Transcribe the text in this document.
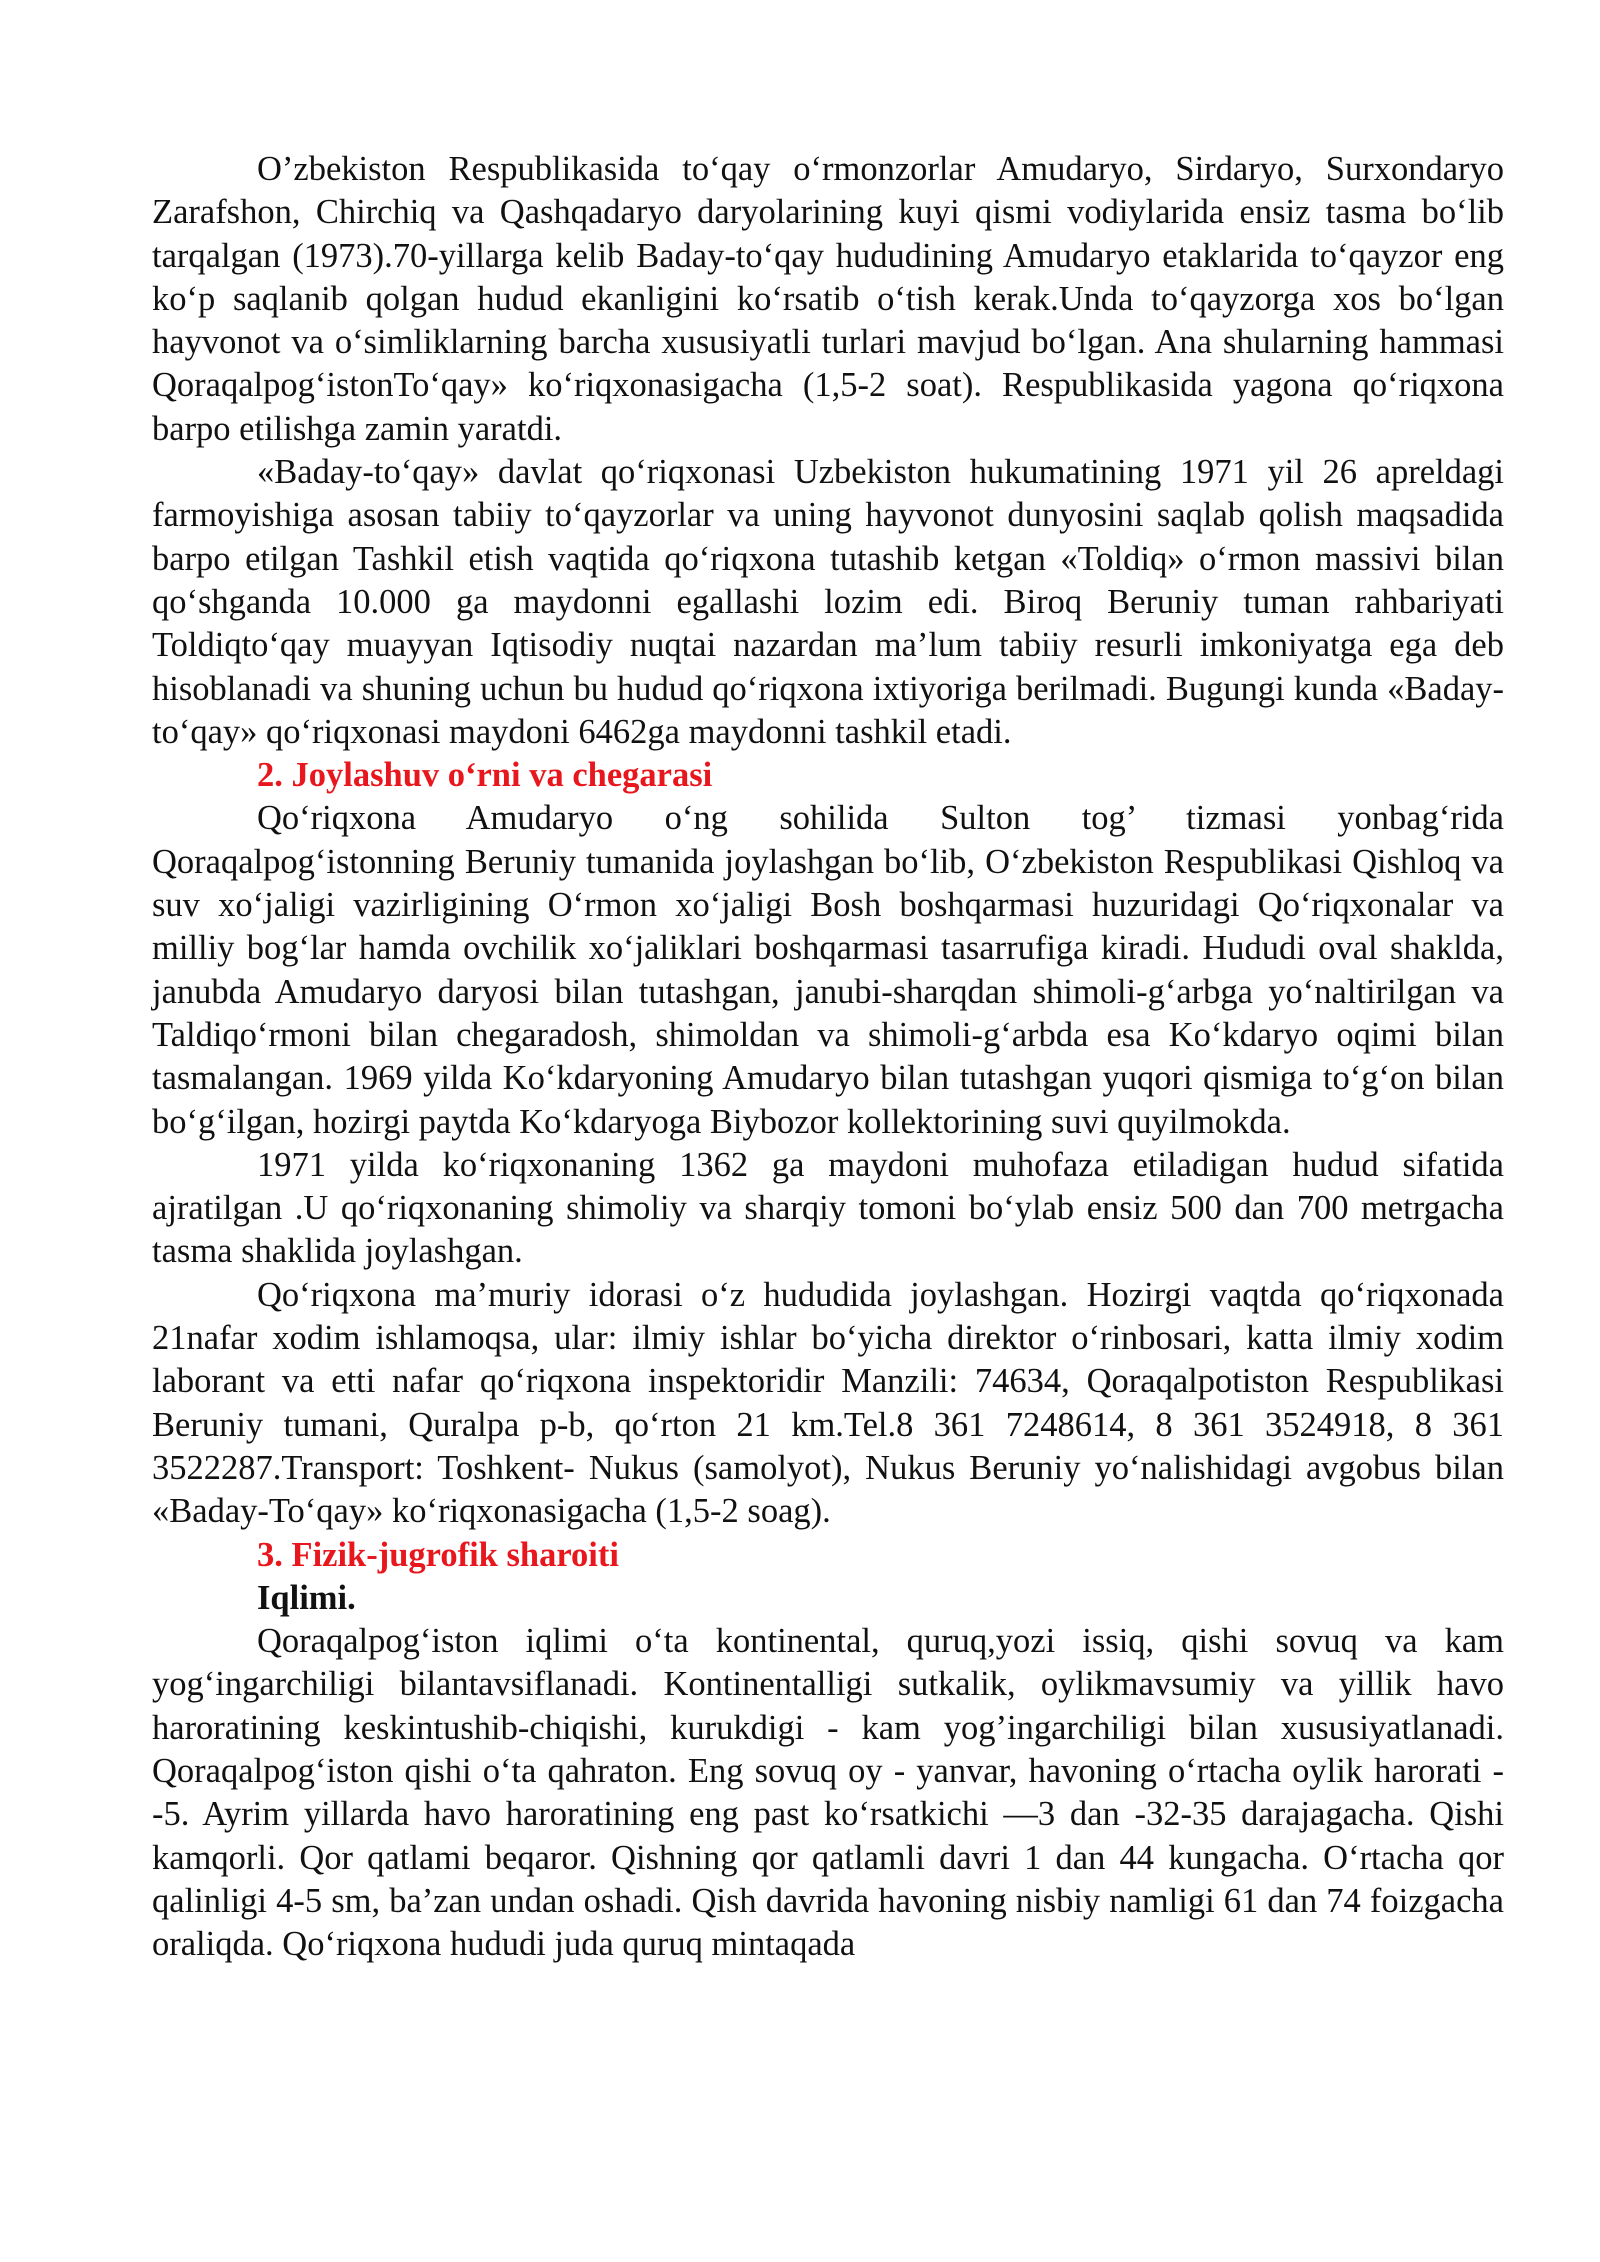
O’zbekiston Respublikasida to‘qay o‘rmonzorlar Amudaryo, Sirdaryo, Surxondaryo Zarafshon, Chirchiq va Qashqadaryo daryolarining kuyi qismi vodiylarida ensiz tasma bo‘lib tarqalgan (1973).70-yillarga kelib Baday-to‘qay hududining Amudaryo etaklarida to‘qayzor eng ko‘p saqlanib qolgan hudud ekanligini ko‘rsatib o‘tish kerak.Unda to‘qayzorga xos bo‘lgan hayvonot va o‘simliklarning barcha xususiyatli turlari mavjud bo‘lgan. Ana shularning hammasi Qoraqalpog‘istonTo‘qay» ko‘riqxonasigacha (1,5-2 soat). Respublikasida yagona qo‘riqxona barpo etilishga zamin yaratdi.

«Baday-to‘qay» davlat qo‘riqxonasi Uzbekiston hukumatining 1971 yil 26 apreldagi farmoyishiga asosan tabiiy to‘qayzorlar va uning hayvonot dunyosini saqlab qolish maqsadida barpo etilgan Tashkil etish vaqtida qo‘riqxona tutashib ketgan «Toldiq» o‘rmon massivi bilan qo‘shganda 10.000 ga maydonni egallashi lozim edi. Biroq Beruniy tuman rahbariyati Toldiqto‘qay muayyan Iqtisodiy nuqtai nazardan ma’lum tabiiy resurli imkoniyatga ega deb hisoblanadi va shuning uchun bu hudud qo‘riqxona ixtiyoriga berilmadi. Bugungi kunda «Baday-to‘qay» qo‘riqxonasi maydoni 6462ga maydonni tashkil etadi.

2. Joylashuv o‘rni va chegarasi

Qo‘riqxona Amudaryo o‘ng sohilida Sulton tog’ tizmasi yonbag‘rida Qoraqalpog‘istonning Beruniy tumanida joylashgan bo‘lib, O‘zbekiston Respublikasi Qishloq va suv xo‘jaligi vazirligining O‘rmon xo‘jaligi Bosh boshqarmasi huzuridagi Qo‘riqxonalar va milliy bog‘lar hamda ovchilik xo‘jaliklari boshqarmasi tasarrufiga kiradi. Hududi oval shakldа, janubda Amudaryo daryosi bilan tutashgan, janubi-sharqdan shimoli-g‘arbga yo‘naltirilgan va Taldiqo‘rmoni bilan chegaradosh, shimoldan va shimoli-g‘arbda esa Ko‘kdaryo oqimi bilan tasmalangan. 1969 yilda Ko‘kdaryoning Amudaryo bilan tutashgan yuqori qismiga to‘g‘on bilan bo‘g‘ilgan, hozirgi paytda Ko‘kdaryoga Biybozor kollektorining suvi quyilmokda.

1971 yilda ko‘riqxonaning 1362 ga maydoni muhofaza etiladigan hudud sifatida ajratilgan .U qo‘riqxonaning shimoliy va sharqiy tomoni bo‘ylab ensiz 500 dan 700 metrgacha tasma shaklida joylashgan.

Qo‘riqxona ma’muriy idorasi o‘z hududida joylashgan. Hozirgi vaqtda qo‘riqxonada 21nafar xodim ishlamoqsa, ular: ilmiy ishlar bo‘yicha direktor o‘rinbosari, katta ilmiy xodim laborant va etti nafar qo‘riqxona inspektoridir Manzili: 74634, Qoraqalpotiston Respublikasi Beruniy tumani, Quralpa p-b, qo‘rton 21 km.Tel.8 361 7248614, 8 361 3524918, 8 361 3522287.Transport: Toshkent- Nukus (samolyot), Nukus Beruniy yo‘nalishidagi avgobus bilan «Baday-To‘qay» ko‘riqxonasigacha (1,5-2 soag).

3. Fizik-jugrofik sharoiti

Iqlimi.

Qoraqalpog‘iston iqlimi o‘ta kontinental, quruq,yozi issiq, qishi sovuq va kam yog‘ingarchiligi bilantavsiflanadi. Kontinentalligi sutkalik, oylikmavsumiy va yillik havo haroratining keskintushib-chiqishi, kurukdigi - kam yog’ingarchiligi bilan xususiyatlanadi. Qoraqalpog‘iston qishi o‘ta qahraton. Eng sovuq oy - yanvar, havoning o‘rtacha oylik harorati --5. Ayrim yillarda havo haroratining eng past ko‘rsatkichi —3 dan -32-35 darajagacha. Qishi kamqorli. Qor qatlami beqaror. Qishning qor qatlamli davri 1 dan 44 kungacha. O‘rtacha qor qalinligi 4-5 sm, ba’zan undan oshadi. Qish davrida havoning nisbiy namligi 61 dan 74 foizgacha oraliqda. Qo‘riqxona hududi juda quruq mintaqada
